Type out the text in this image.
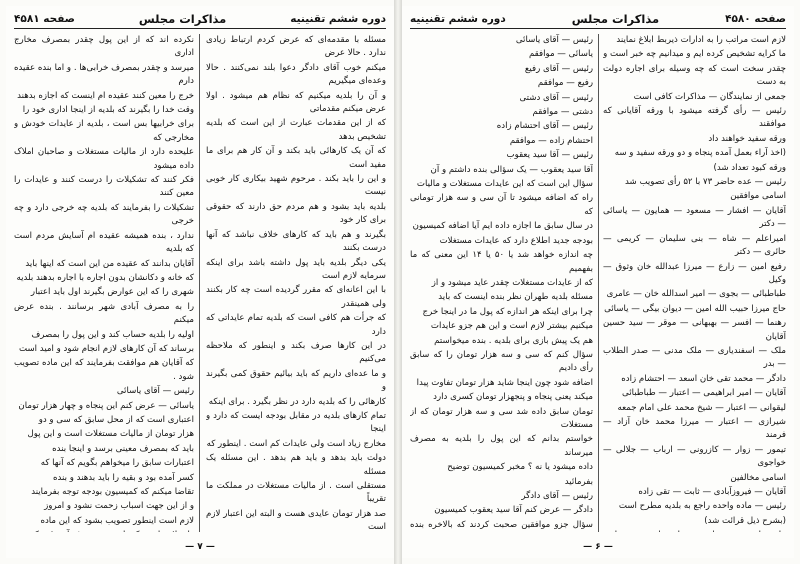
دوره ششم تقنینیه
مذاکرات مجلس
صفحه ۴۵۸۱

مسئله با مقدمه‌ای که عرض کردم ارتباط زیادی ندارد . حالا عرض

میکنم خوب آقای دادگر دعوا بلند نمی‌کنند . حالا وعده‌ای میگیریم

و آن را بلدیه میکنیم که نظام هم میشود . اولا عرض میکنم مقدماتی

که از این مقدمات عبارت از این است که بلدیه تشخیص بدهد

که آن یک کارهائی باید بکند و آن کار هم برای ما مفید است

و این را باید بکند . مرحوم شهید بیکاری کار خوبی نیست

بلدیه باید بشود و هم مردم حق دارند که حقوقی برای کار خود

بگیرند و هم باید که کارهای خلاف نباشد که آنها درست بکنند

یکی دیگر بلدیه باید پول داشته باشد برای اینکه سرمایه لازم است

با این اعانه‌ای که مقرر گردیده است چه کار بکنند ولی همینقدر

که جرأت هم کافی است که بلدیه تمام عایداتی که دارد

در این کارها صرف بکند و اینطور که ملاحظه می‌کنیم

و ما عده‌ای داریم که باید بیائیم حقوق کمی بگیرند و

کارهائی را که بلدیه دارد در نظر بگیرد . برای اینکه

تمام کارهای بلدیه در مقابل بودجه ایست که دارد و اینجا

مخارج زیاد است ولی عایدات کم است . اینطور که

دولت باید بدهد و باید هم بدهد . این مسئله یک مسئله

مستقلی است . از مالیات مستغلات در مملکت ما تقریباً

صد هزار تومان عایدی هست و البته این اعتبار لازم است

نکرده اند که از این پول چقدر بمصرف مخارج اداری

میرسد و چقدر بمصرف خرابی‌ها . و اما بنده عقیده دارم

خرج را معین کنند عقیده ام اینست که اجازه بدهند

وقت خدا را بگیرند که بلدیه از اینجا اداری خود را

برای خرابیها بس است ، بلدیه از عایدات خودش و مخارجی که

علیحده دارد از مالیات مستغلات و صاحبان املاک داده میشود

فکر کنند که تشکیلات را درست کنند و عایدات را معین کنند

تشکیلات را بفرمایند که بلدیه چه خرجی دارد و چه خرجی

ندارد ، بنده همیشه عقیده ام آسایش مردم است که بلدیه

آقایان بدانند که عقیده من این است که اینها باید

که خانه و دکانشان بدون اجاره با اجاره بدهند بلدیه

شهری را که این عوارض بگیرند اول باید اعتبار

را به مصرف آبادی شهر برسانند . بنده عرض میکنم

اولیه را بلدیه حساب کند و این پول را بمصرف

برساند که آن کارهای لازم انجام شود و امید است

که آقایان هم موافقت بفرمایند که این ماده تصویب شود .

رئیس — آقای یاسائی

یاسائی — عرض کنم این پنجاه و چهار هزار تومان

اعتباری است که از محل سابق که سی و دو

هزار تومان از مالیات مستغلات است و این پول

باید که بمصرف معینی برسد و اینجا بنده

اعتبارات سابق را میخواهم بگویم که آنها که

کسر آمده بود و بقیه را باید بدهند و بنده

تقاضا میکنم که کمیسیون بودجه توجه بفرمایند

و از این جهت اسباب زحمت نشود و امروز

لازم است اینطور تصویب بشود که این ماده

— ۷ —
صفحه ۴۵۸۰
مذاکرات مجلس
دوره ششم تقنینیه

لازم است مراتب را به ادارات ذیربط ابلاغ نمایند

ما کرایه تشخیص کرده ایم و میدانیم چه خبر است و

چقدر سخت است که چه وسیله برای اجاره دولت به دست

جمعی از نمایندگان — مذاکرات کافی است

رئیس — رأی گرفته میشود با ورقه آقایانی که موافقند

ورقه سفید خواهند داد

(اخذ آراء بعمل آمده پنجاه و دو ورقه سفید و سه

ورقه کبود تعداد شد)

رئیس — عده حاضر ۷۳ با ۵۲ رأی تصویب شد

اسامی موافقین

آقایان — افشار — مسعود — همایون — یاسائی — دکتر

امیراعلم — شاه — بنی سلیمان — کریمی — حائری — دکتر

رفیع امین — زارع — میرزا عبدالله خان وثوق — وکیل

طباطبائی — بجوی — امیر اسدالله خان — عامری

حاج میرزا حبیب الله امین — دیوان بیگی — یاسائی

رهنما — افسر — بهبهانی — موقر — سید حسین آقایان

ملک — اسفندیاری — ملک مدنی — صدر الطلاب — بدر

دادگر — محمد تقی خان اسعد — احتشام زاده

آقایان — امیر ابراهیمی — اعتبار — طباطبائی

لیقوانی — اعتبار — شیخ محمد علی امام جمعه

شیرازی — اعتبار — میرزا محمد خان آزاد — فرمند

تیمور — زوار — کازرونی — ارباب — جلالی — خواجوی

اسامی مخالفین

آقایان — فیروزآبادی — ثابت — تقی زاده

رئیس — ماده واحده راجع به بلدیه مطرح است

(بشرح ذیل قرائت شد)

رئیس — آقای یاسائی

یاسائی — موافقم

رئیس — آقای رفیع

رفیع — موافقم

رئیس — آقای دشتی

دشتی — موافقم

رئیس — آقای احتشام زاده

احتشام زاده — موافقم

رئیس — آقا سید یعقوب

آقا سید یعقوب — یک سؤالی بنده داشتم و آن

سؤال این است که این عایدات مستغلات و مالیات

راه که اضافه میشود تا آن سی و سه هزار تومانی که

در سال سابق ما اجازه داده ایم آیا اضافه کمیسیون

بودجه جدید اطلاع دارد که عایدات مستغلات

چه اندازه خواهد شد یا ۵۰ یا ۱۴ این معنی که ما بفهمیم

که از عایدات مستغلات چقدر عاید میشود و از

مسئله بلدیه طهران نظر بنده اینست که باید

چرا برای اینکه هر اندازه که پول ما در اینجا خرج

میکنیم بیشتر لازم است و این هم جزو عایدات

هم یک پیش بازی برای بلدیه . بنده میخواستم

سؤال کنم که سی و سه هزار تومان را که سابق رأی دادیم

اضافه شود چون اینجا شاید هزار تومان تفاوت پیدا

میکند یعنی پنجاه و پنجهزار تومان کسری دارد

تومان سابق داده شد سی و سه هزار تومان که از مستغلات

خواستم بدانم که این پول را بلدیه به مصرف میرساند

داده میشود یا نه ؟ مخبر کمیسیون توضیح

بفرمائید

رئیس — آقای دادگر

دادگر — عرض کنم آقا سید یعقوب کمیسیون

سؤال جزو موافقین صحبت کردند که بالاخره بنده

— ۶ —
